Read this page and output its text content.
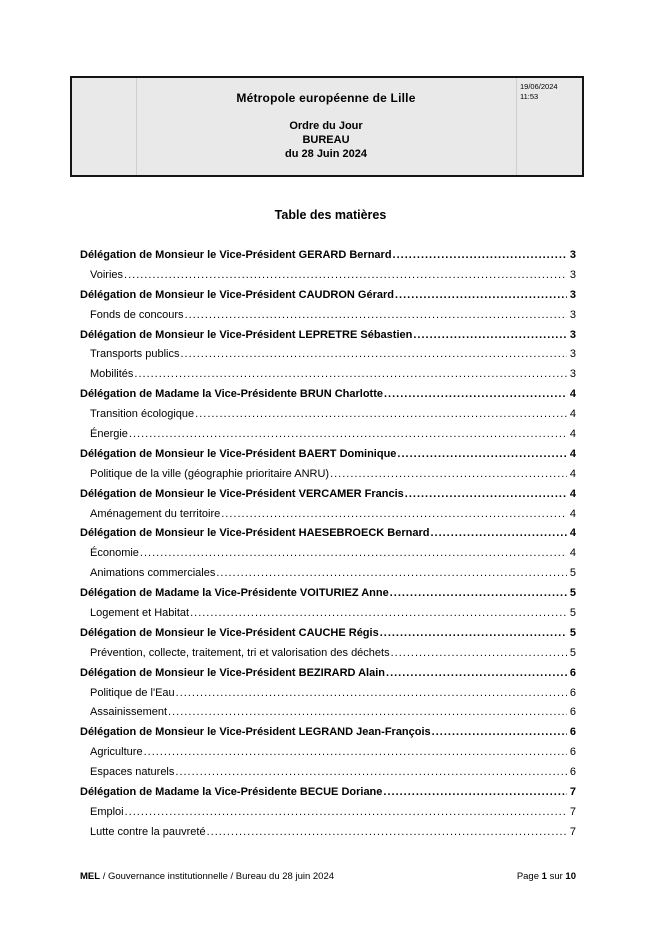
Métropole européenne de Lille
Ordre du Jour
BUREAU
du 28 Juin 2024
19/06/2024
11:53
Table des matières
Délégation de Monsieur le Vice-Président GERARD Bernard .....	3
Voiries .....	3
Délégation de Monsieur le Vice-Président CAUDRON Gérard .....	3
Fonds de concours .....	3
Délégation de Monsieur le Vice-Président LEPRETRE Sébastien .....	3
Transports publics .....	3
Mobilités .....	3
Délégation de Madame la Vice-Présidente BRUN Charlotte .....	4
Transition écologique .....	4
Énergie .....	4
Délégation de Monsieur le Vice-Président BAERT Dominique .....	4
Politique de la ville (géographie prioritaire ANRU) .....	4
Délégation de Monsieur le Vice-Président VERCAMER Francis .....	4
Aménagement du territoire .....	4
Délégation de Monsieur le Vice-Président HAESEBROECK Bernard .....	4
Économie .....	4
Animations commerciales .....	5
Délégation de Madame la Vice-Présidente VOITURIEZ Anne .....	5
Logement et Habitat .....	5
Délégation de Monsieur le Vice-Président CAUCHE Régis .....	5
Prévention, collecte, traitement, tri et valorisation des déchets .....	5
Délégation de Monsieur le Vice-Président BEZIRARD Alain .....	6
Politique de l'Eau .....	6
Assainissement .....	6
Délégation de Monsieur le Vice-Président LEGRAND Jean-François .....	6
Agriculture .....	6
Espaces naturels .....	6
Délégation de Madame la Vice-Présidente BECUE Doriane .....	7
Emploi .....	7
Lutte contre la pauvreté .....	7
MEL / Gouvernance institutionnelle / Bureau du 28 juin 2024	Page 1 sur 10
